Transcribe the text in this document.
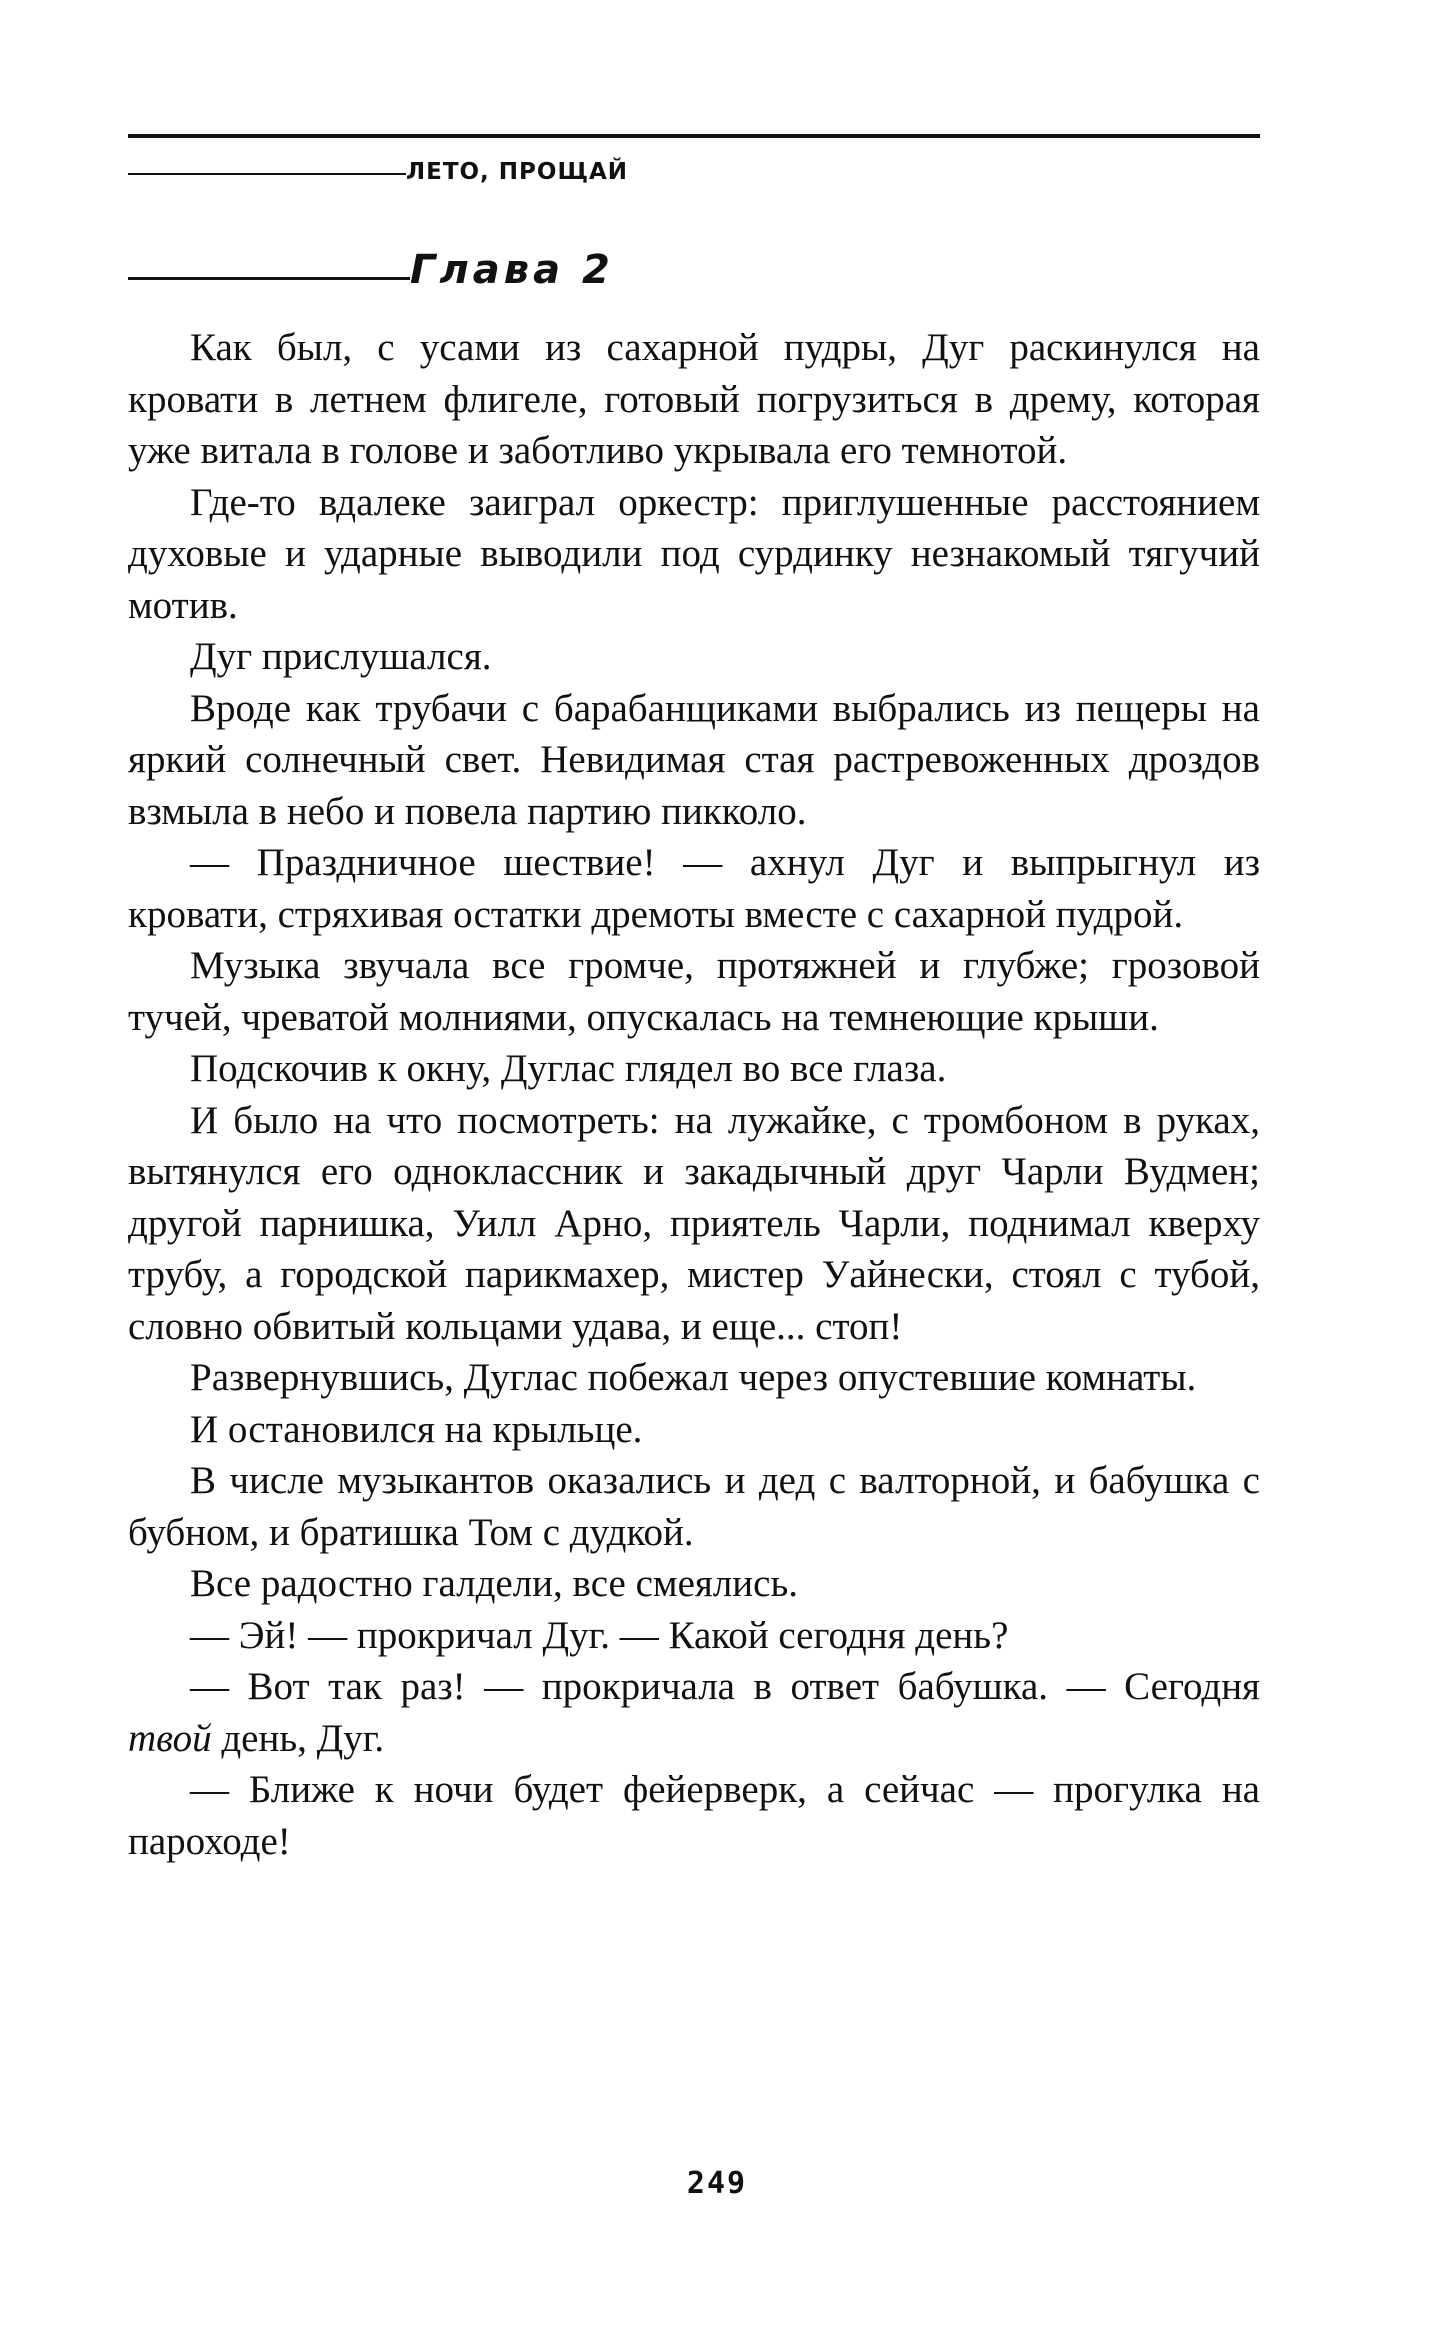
ЛЕТО, ПРОЩАЙ
Глава 2

Как был, с усами из сахарной пудры, Дуг раскинулся на кровати в летнем флигеле, готовый погрузиться в дрему, которая уже витала в голове и заботливо укрывала его темнотой.

Где-то вдалеке заиграл оркестр: приглушенные расстоянием духовые и ударные выводили под сурдинку незнакомый тягучий мотив.

Дуг прислушался.

Вроде как трубачи с барабанщиками выбрались из пещеры на яркий солнечный свет. Невидимая стая растревоженных дроздов взмыла в небо и повела партию пикколо.

— Праздничное шествие! — ахнул Дуг и выпрыгнул из кровати, стряхивая остатки дремоты вместе с сахарной пудрой.

Музыка звучала все громче, протяжней и глубже; грозовой тучей, чреватой молниями, опускалась на темнеющие крыши.

Подскочив к окну, Дуглас глядел во все глаза.

И было на что посмотреть: на лужайке, с тромбоном в руках, вытянулся его одноклассник и закадычный друг Чарли Вудмен; другой парнишка, Уилл Арно, приятель Чарли, поднимал кверху трубу, а городской парикмахер, мистер Уайнески, стоял с тубой, словно обвитый кольцами удава, и еще... стоп!

Развернувшись, Дуглас побежал через опустевшие комнаты.

И остановился на крыльце.

В числе музыкантов оказались и дед с валторной, и бабушка с бубном, и братишка Том с дудкой.

Все радостно галдели, все смеялись.

— Эй! — прокричал Дуг. — Какой сегодня день?

— Вот так раз! — прокричала в ответ бабушка. — Сегодня твой день, Дуг.

— Ближе к ночи будет фейерверк, а сейчас — прогулка на пароходе!

249
